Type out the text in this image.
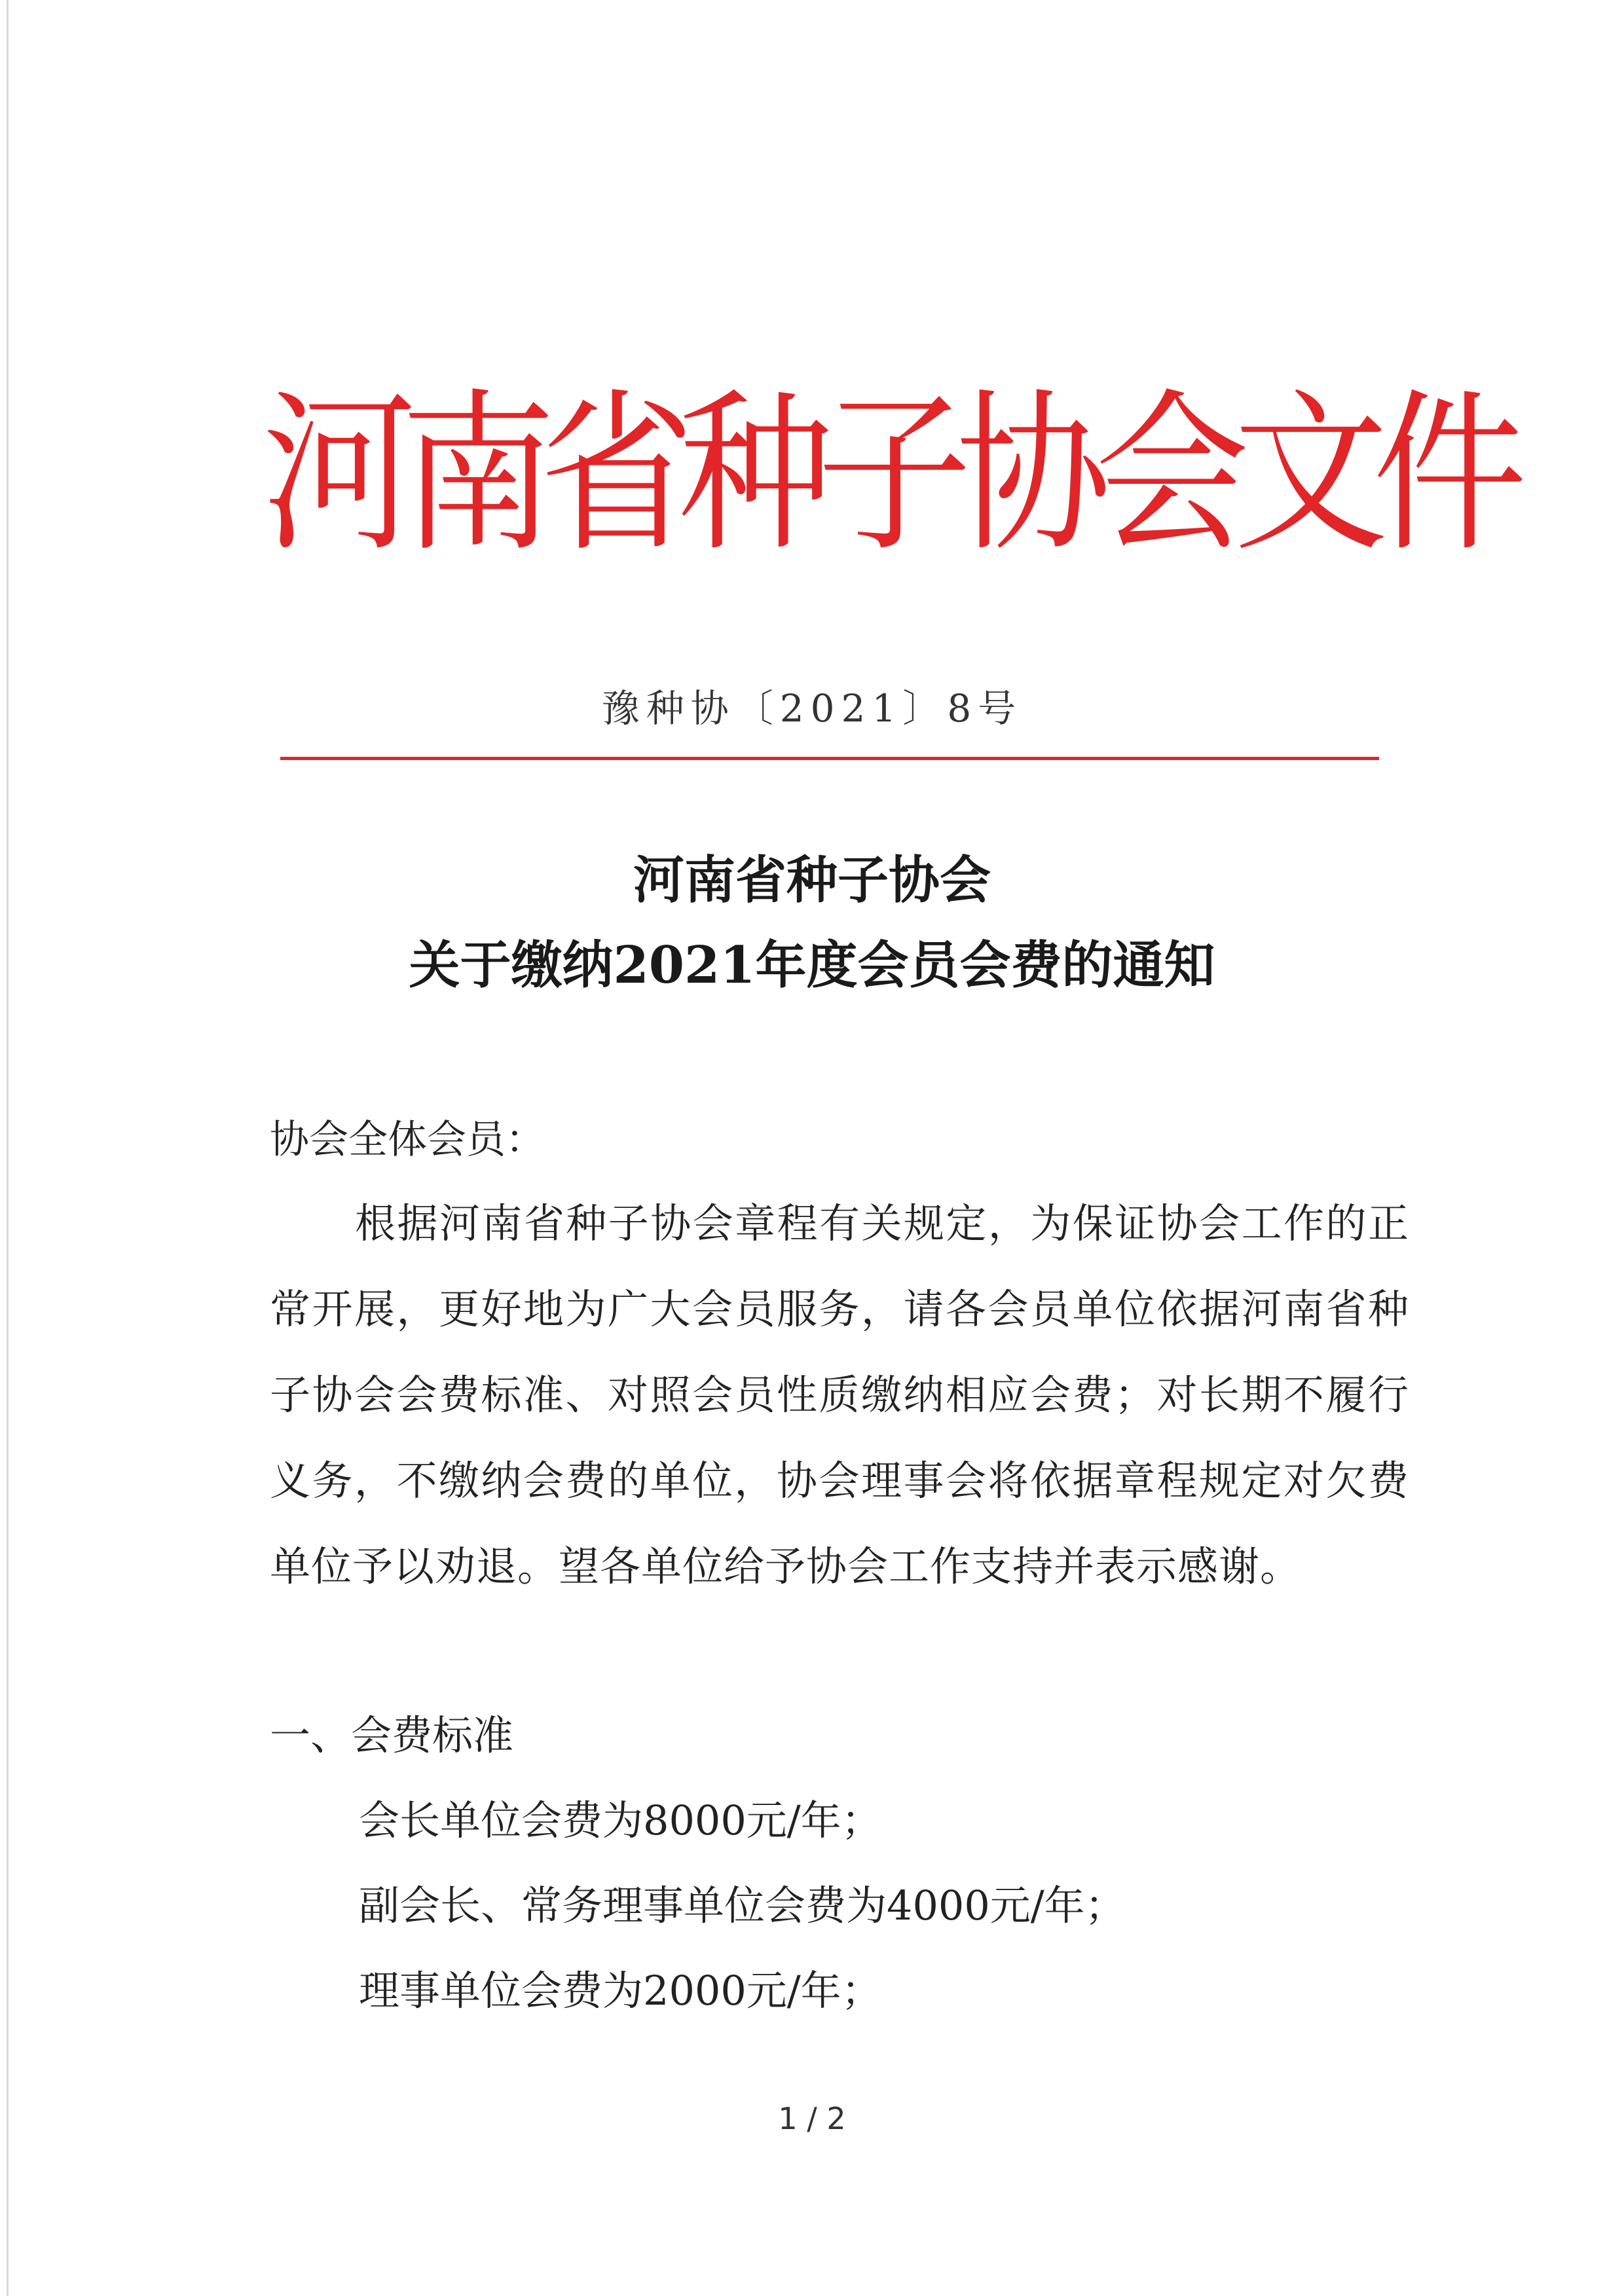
河南省种子协会文件
豫种协〔2021〕8号
河南省种子协会
关于缴纳2021年度会员会费的通知
协会全体会员：

根据河南省种子协会章程有关规定，为保证协会工作的正常开展，更好地为广大会员服务，请各会员单位依据河南省种子协会会费标准、对照会员性质缴纳相应会费；对长期不履行义务，不缴纳会费的单位，协会理事会将依据章程规定对欠费单位予以劝退。望各单位给予协会工作支持并表示感谢。

一、会费标准
会长单位会费为8000元/年；
副会长、常务理事单位会费为4000元/年；
理事单位会费为2000元/年；
1 / 2
